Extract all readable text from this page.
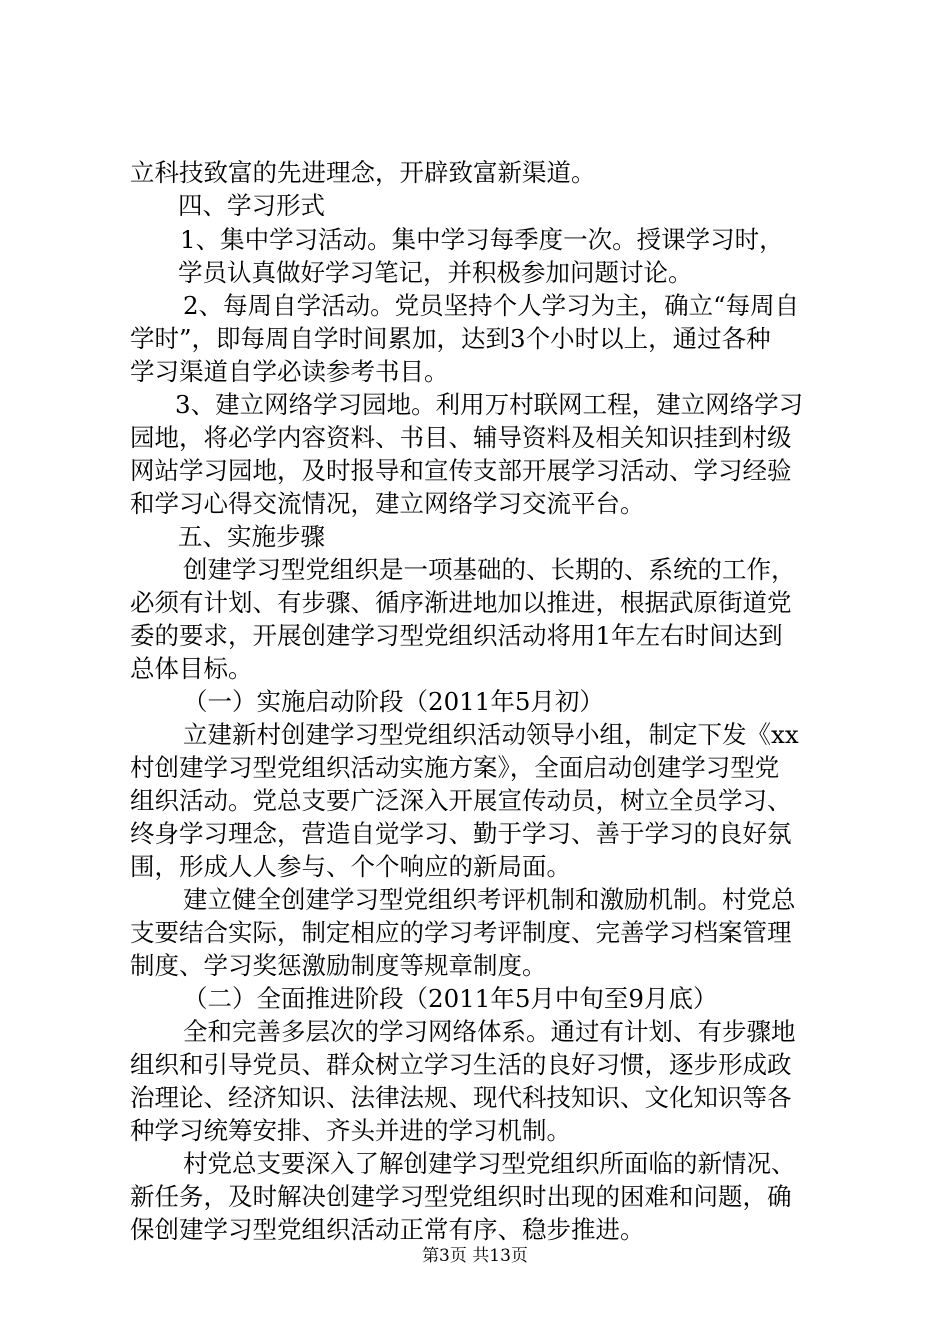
立科技致富的先进理念，开辟致富新渠道。
四、学习形式
1、集中学习活动。集中学习每季度一次。授课学习时，
学员认真做好学习笔记，并积极参加问题讨论。
2、每周自学活动。党员坚持个人学习为主，确立“每周自
学时”，即每周自学时间累加，达到3个小时以上，通过各种
学习渠道自学必读参考书目。
3、建立网络学习园地。利用万村联网工程，建立网络学习
园地，将必学内容资料、书目、辅导资料及相关知识挂到村级
网站学习园地，及时报导和宣传支部开展学习活动、学习经验
和学习心得交流情况，建立网络学习交流平台。
五、实施步骤
创建学习型党组织是一项基础的、长期的、系统的工作，
必须有计划、有步骤、循序渐进地加以推进，根据武原街道党
委的要求，开展创建学习型党组织活动将用1年左右时间达到
总体目标。
（一）实施启动阶段（2011年5月初）
立建新村创建学习型党组织活动领导小组，制定下发《xx
村创建学习型党组织活动实施方案》，全面启动创建学习型党
组织活动。党总支要广泛深入开展宣传动员，树立全员学习、
终身学习理念，营造自觉学习、勤于学习、善于学习的良好氛
围，形成人人参与、个个响应的新局面。
建立健全创建学习型党组织考评机制和激励机制。村党总
支要结合实际，制定相应的学习考评制度、完善学习档案管理
制度、学习奖惩激励制度等规章制度。
（二）全面推进阶段（2011年5月中旬至9月底）
全和完善多层次的学习网络体系。通过有计划、有步骤地
组织和引导党员、群众树立学习生活的良好习惯，逐步形成政
治理论、经济知识、法律法规、现代科技知识、文化知识等各
种学习统筹安排、齐头并进的学习机制。
村党总支要深入了解创建学习型党组织所面临的新情况、
新任务，及时解决创建学习型党组织时出现的困难和问题，确
保创建学习型党组织活动正常有序、稳步推进。
第3页 共13页
